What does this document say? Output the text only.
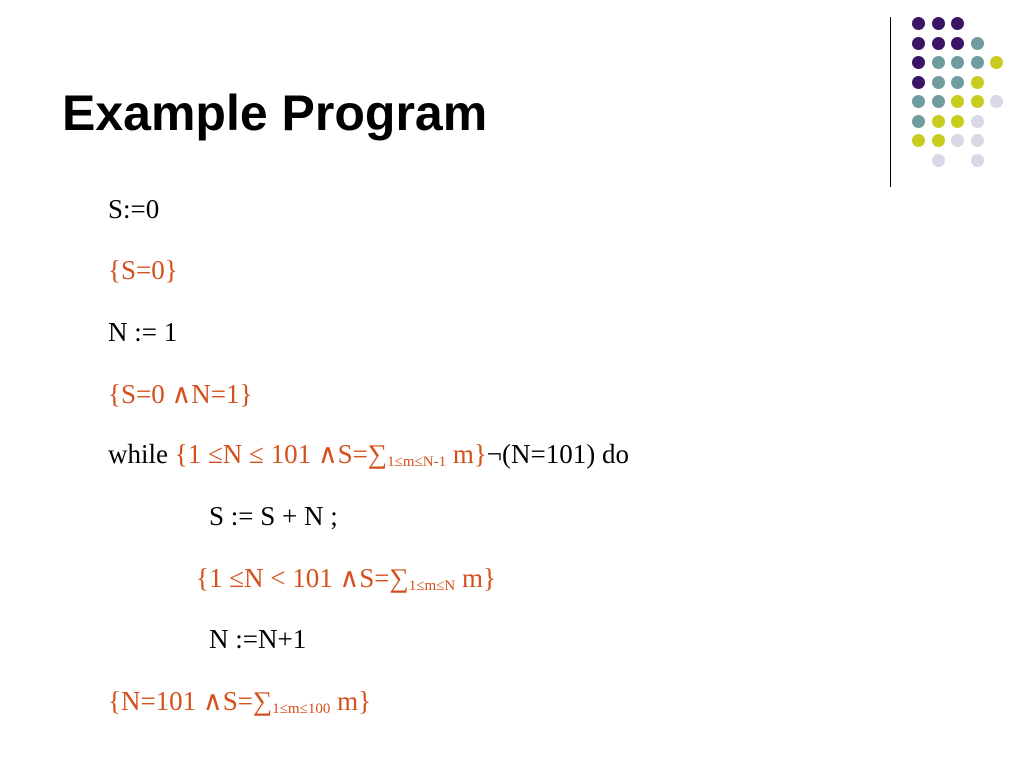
Example Program
S:=0
{S=0}
N := 1
{S=0 ∧N=1}
while {1 ≤N ≤ 101 $\wedge S=\sum_{1\le m\le N-1}$ m}¬(N=101) do
S := S + N ;
{1 ≤N < 101 $\wedge S=\sum_{1\le m\le N}$ m}
N :=N+1
{N=101 $\wedge S=\sum_{1\le m\le 100}$ m}
